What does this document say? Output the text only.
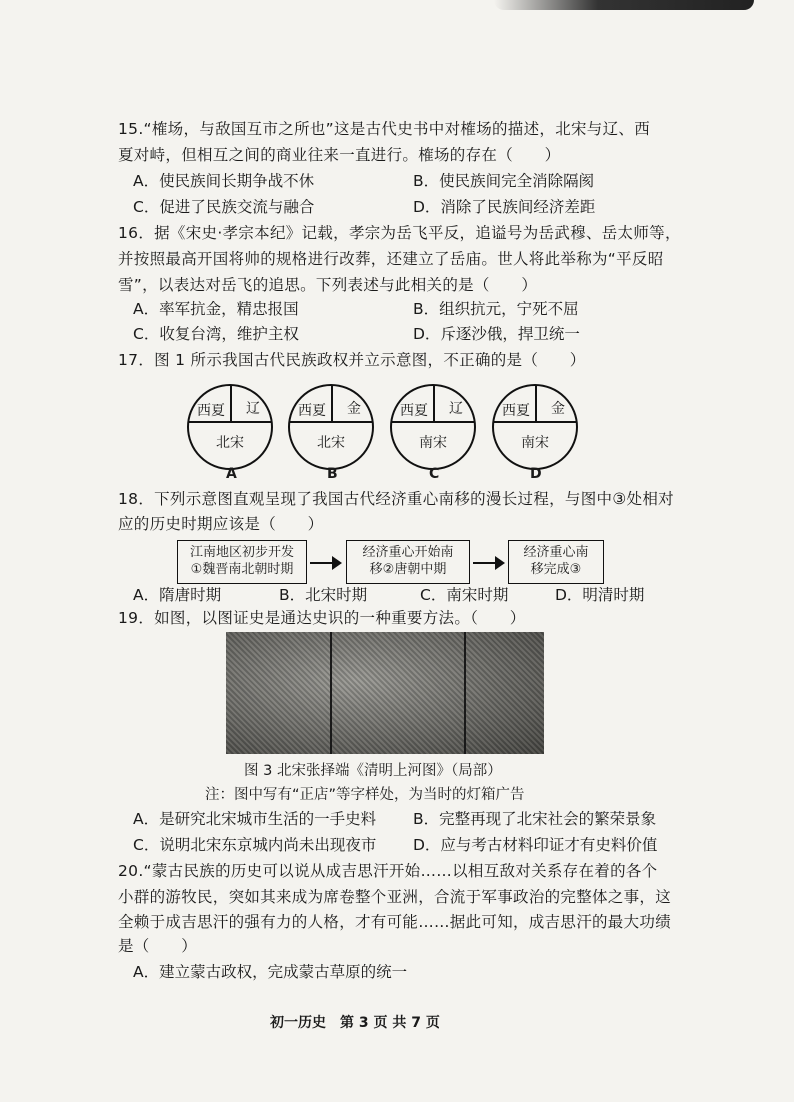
15.“榷场，与敌国互市之所也”这是古代史书中对榷场的描述，北宋与辽、西
夏对峙，但相互之间的商业往来一直进行。榷场的存在（　　）
A．使民族间长期争战不休	B．使民族间完全消除隔阂
C．促进了民族交流与融合	D．消除了民族间经济差距
16．据《宋史·孝宗本纪》记载，孝宗为岳飞平反，追谥号为岳武穆、岳太师等，
并按照最高开国将帅的规格进行改葬，还建立了岳庙。世人将此举称为“平反昭
雪”，以表达对岳飞的追思。下列表述与此相关的是（　　）
A．率军抗金，精忠报国	B．组织抗元，宁死不屈
C．收复台湾，维护主权	D．斥逐沙俄，捍卫统一
17．图 1 所示我国古代民族政权并立示意图，不正确的是（　　）
西夏 辽
北宋
西夏 金
北宋
西夏 辽
南宋
西夏 金
南宋
A	B	C	D
18．下列示意图直观呈现了我国古代经济重心南移的漫长过程，与图中③处相对
应的历史时期应该是（　　）
江南地区初步开发
①魏晋南北朝时期
经济重心开始南
移②唐朝中期
经济重心南
移完成③
A．隋唐时期	B．北宋时期	C．南宋时期	D．明清时期
19．如图，以图证史是通达史识的一种重要方法。（　　）
图 3 北宋张择端《清明上河图》（局部）
注：图中写有“正店”等字样处，为当时的灯箱广告
A．是研究北宋城市生活的一手史料 B．完整再现了北宋社会的繁荣景象
C．说明北宋东京城内尚未出现夜市 D．应与考古材料印证才有史料价值
20.“蒙古民族的历史可以说从成吉思汗开始……以相互敌对关系存在着的各个
小群的游牧民，突如其来成为席卷整个亚洲，合流于军事政治的完整体之事，这
全赖于成吉思汗的强有力的人格，才有可能……据此可知，成吉思汗的最大功绩
是（　　）
A．建立蒙古政权，完成蒙古草原的统一
初一历史　第 3 页 共 7 页
